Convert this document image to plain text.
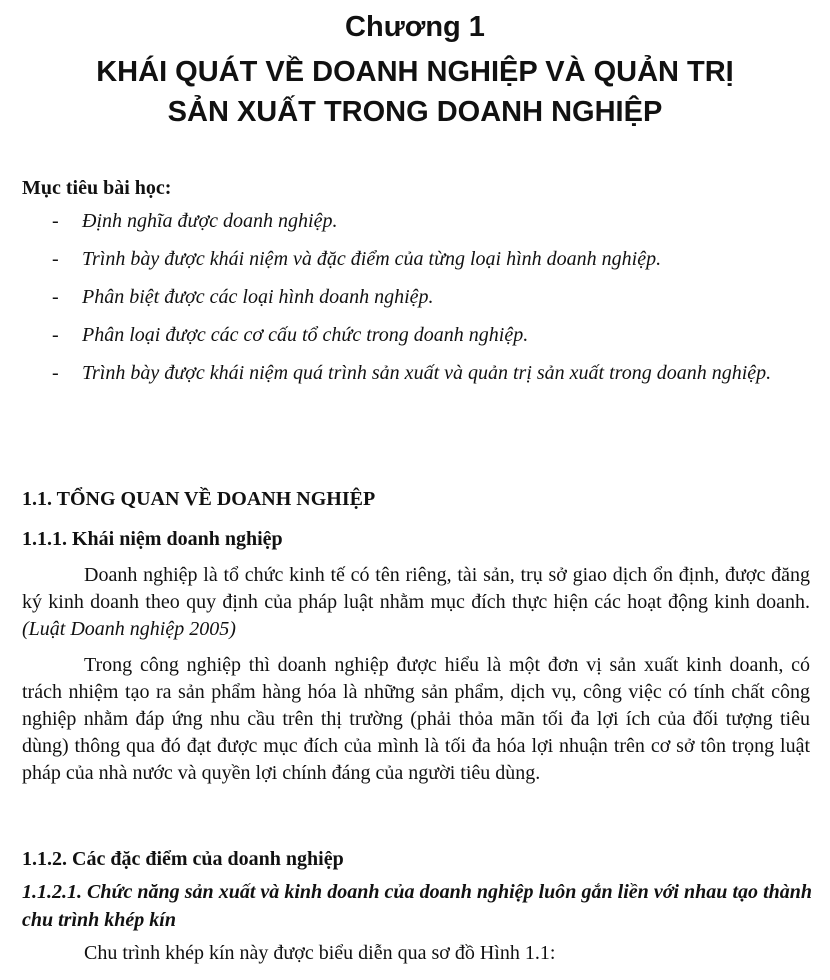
Chương 1
KHÁI QUÁT VỀ DOANH NGHIỆP VÀ QUẢN TRỊ
SẢN XUẤT TRONG DOANH NGHIỆP
Mục tiêu bài học:
- Định nghĩa được doanh nghiệp.
- Trình bày được khái niệm và đặc điểm của từng loại hình doanh nghiệp.
- Phân biệt được các loại hình doanh nghiệp.
- Phân loại được các cơ cấu tổ chức trong doanh nghiệp.
- Trình bày được khái niệm quá trình sản xuất và quản trị sản xuất trong doanh nghiệp.
1.1. TỔNG QUAN VỀ DOANH NGHIỆP
1.1.1. Khái niệm doanh nghiệp

Doanh nghiệp là tổ chức kinh tế có tên riêng, tài sản, trụ sở giao dịch ổn định, được đăng ký kinh doanh theo quy định của pháp luật nhằm mục đích thực hiện các hoạt động kinh doanh. (Luật Doanh nghiệp 2005)

Trong công nghiệp thì doanh nghiệp được hiểu là một đơn vị sản xuất kinh doanh, có trách nhiệm tạo ra sản phẩm hàng hóa là những sản phẩm, dịch vụ, công việc có tính chất công nghiệp nhằm đáp ứng nhu cầu trên thị trường (phải thỏa mãn tối đa lợi ích của đối tượng tiêu dùng) thông qua đó đạt được mục đích của mình là tối đa hóa lợi nhuận trên cơ sở tôn trọng luật pháp của nhà nước và quyền lợi chính đáng của người tiêu dùng.

1.1.2. Các đặc điểm của doanh nghiệp
1.1.2.1. Chức năng sản xuất và kinh doanh của doanh nghiệp luôn gắn liền với nhau tạo thành chu trình khép kín

Chu trình khép kín này được biểu diễn qua sơ đồ Hình 1.1:
